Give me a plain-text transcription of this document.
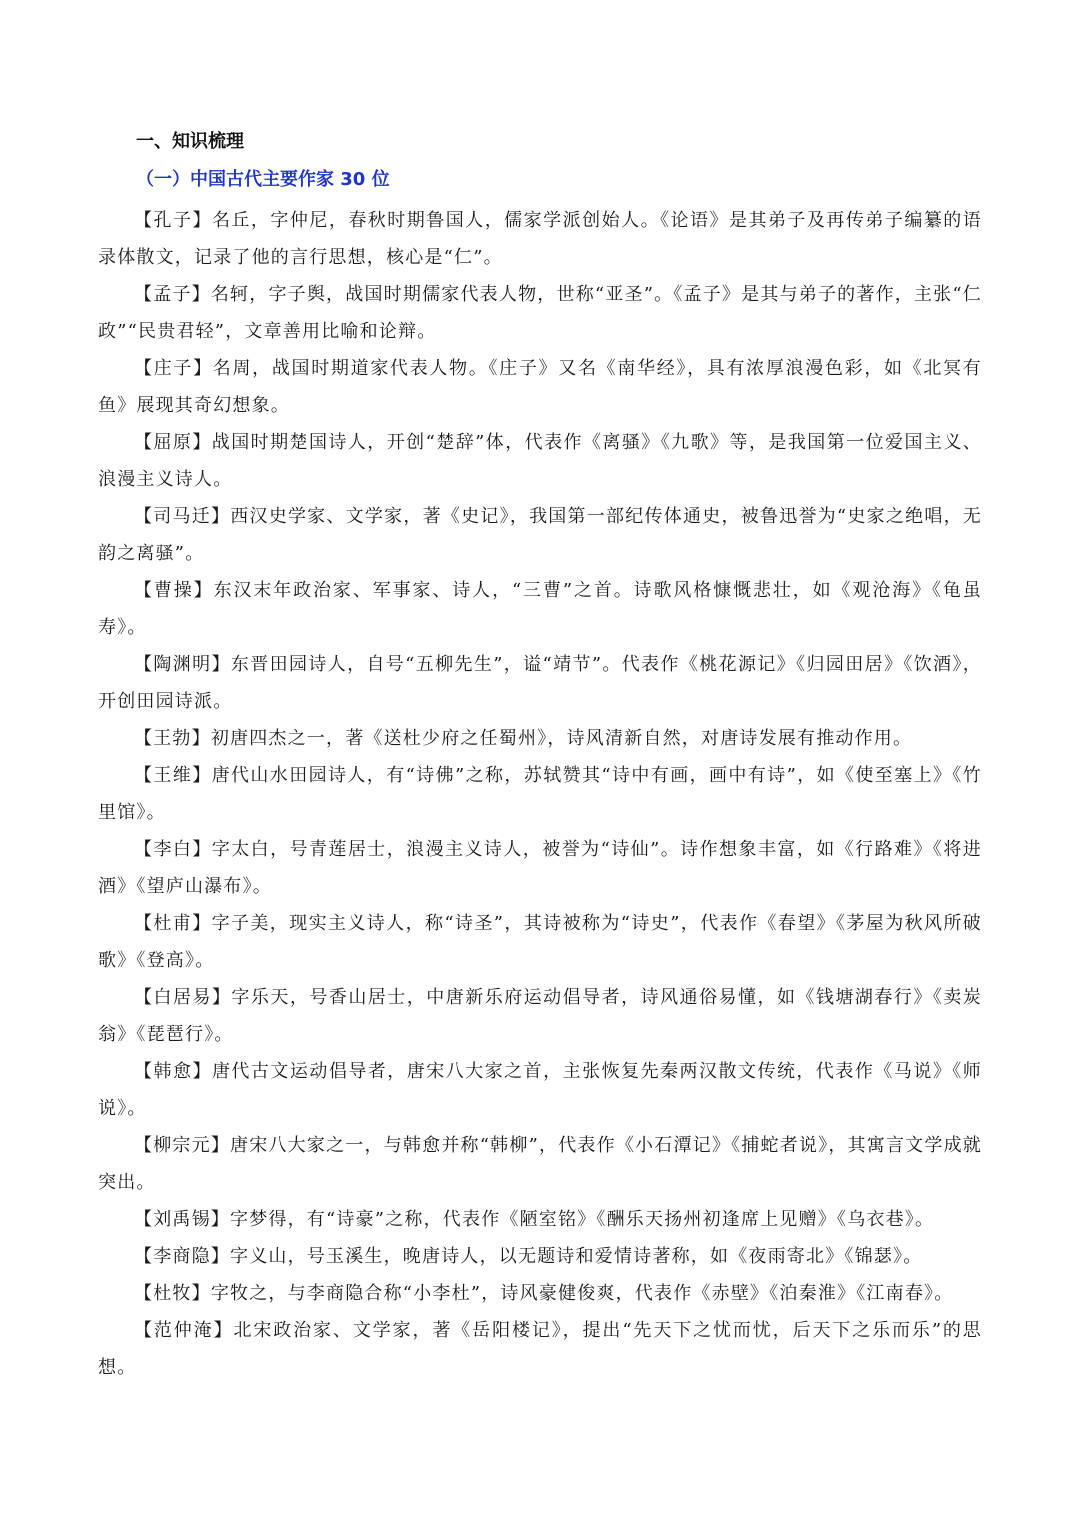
一、知识梳理
（一）中国古代主要作家 30 位
【孔子】名丘，字仲尼，春秋时期鲁国人，儒家学派创始人。《论语》是其弟子及再传弟子编纂的语录体散文，记录了他的言行思想，核心是“仁”。
【孟子】名轲，字子舆，战国时期儒家代表人物，世称“亚圣”。《孟子》是其与弟子的著作，主张“仁政”“民贵君轻”，文章善用比喻和论辩。
【庄子】名周，战国时期道家代表人物。《庄子》又名《南华经》，具有浓厚浪漫色彩，如《北冥有鱼》展现其奇幻想象。
【屈原】战国时期楚国诗人，开创“楚辞”体，代表作《离骚》《九歌》等，是我国第一位爱国主义、浪漫主义诗人。
【司马迁】西汉史学家、文学家，著《史记》，我国第一部纪传体通史，被鲁迅誉为“史家之绝唱，无韵之离骚”。
【曹操】东汉末年政治家、军事家、诗人，“三曹”之首。诗歌风格慷慨悲壮，如《观沧海》《龟虽寿》。
【陶渊明】东晋田园诗人，自号“五柳先生”，谥“靖节”。代表作《桃花源记》《归园田居》《饮酒》，开创田园诗派。
【王勃】初唐四杰之一，著《送杜少府之任蜀州》，诗风清新自然，对唐诗发展有推动作用。
【王维】唐代山水田园诗人，有“诗佛”之称，苏轼赞其“诗中有画，画中有诗”，如《使至塞上》《竹里馆》。
【李白】字太白，号青莲居士，浪漫主义诗人，被誉为“诗仙”。诗作想象丰富，如《行路难》《将进酒》《望庐山瀑布》。
【杜甫】字子美，现实主义诗人，称“诗圣”，其诗被称为“诗史”，代表作《春望》《茅屋为秋风所破歌》《登高》。
【白居易】字乐天，号香山居士，中唐新乐府运动倡导者，诗风通俗易懂，如《钱塘湖春行》《卖炭翁》《琵琶行》。
【韩愈】唐代古文运动倡导者，唐宋八大家之首，主张恢复先秦两汉散文传统，代表作《马说》《师说》。
【柳宗元】唐宋八大家之一，与韩愈并称“韩柳”，代表作《小石潭记》《捕蛇者说》，其寓言文学成就突出。
【刘禹锡】字梦得，有“诗豪”之称，代表作《陋室铭》《酬乐天扬州初逢席上见赠》《乌衣巷》。
【李商隐】字义山，号玉溪生，晚唐诗人，以无题诗和爱情诗著称，如《夜雨寄北》《锦瑟》。
【杜牧】字牧之，与李商隐合称“小李杜”，诗风豪健俊爽，代表作《赤壁》《泊秦淮》《江南春》。
【范仲淹】北宋政治家、文学家，著《岳阳楼记》，提出“先天下之忧而忧，后天下之乐而乐”的思想。
